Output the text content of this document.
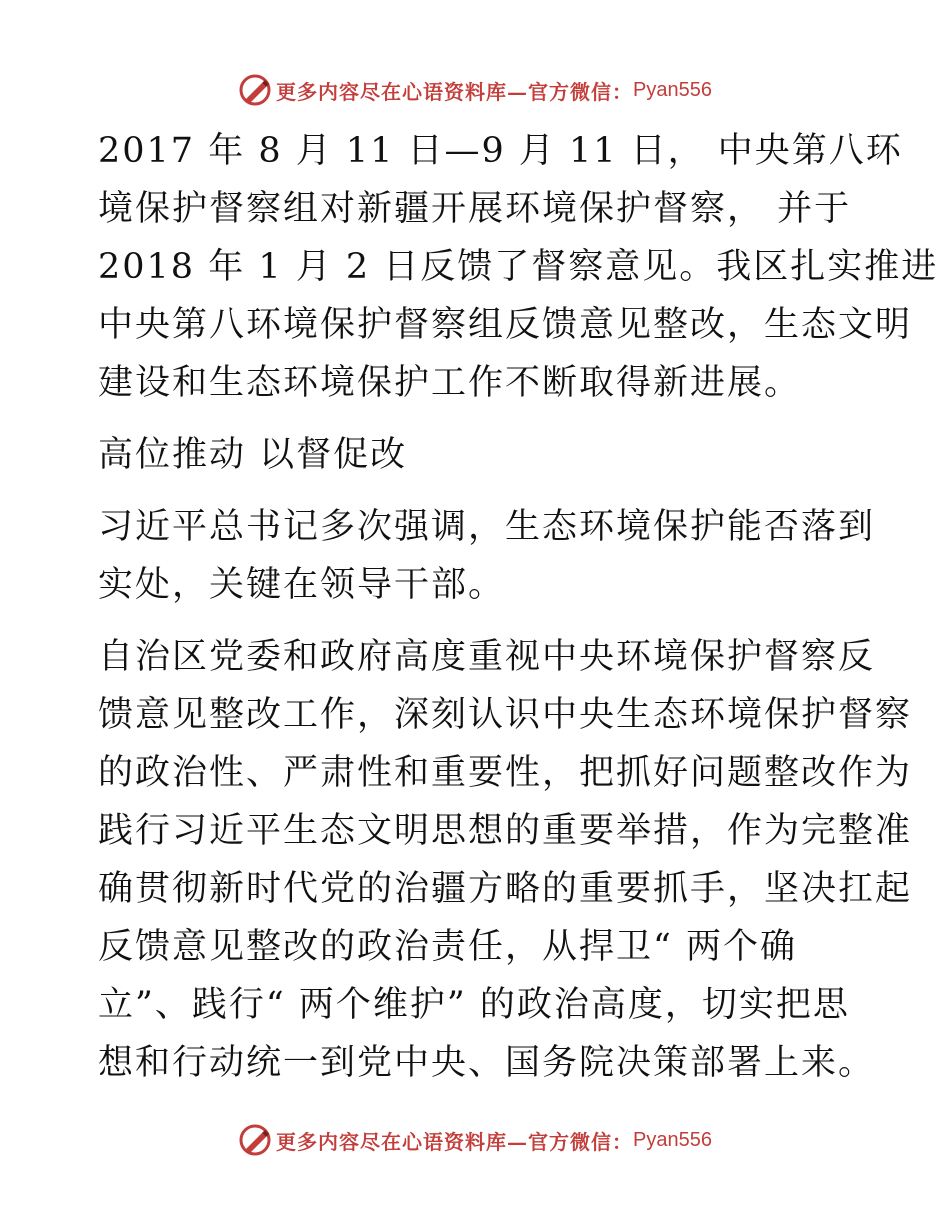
更多内容尽在心语资料库—官方微信： Pyan556
2017 年 8 月 11 日—9 月 11 日， 中央第八环
境保护督察组对新疆开展环境保护督察， 并于
2018 年 1 月 2 日反馈了督察意见。我区扎实推进
中央第八环境保护督察组反馈意见整改，生态文明
建设和生态环境保护工作不断取得新进展。
高位推动 以督促改
习近平总书记多次强调，生态环境保护能否落到
实处，关键在领导干部。
自治区党委和政府高度重视中央环境保护督察反
馈意见整改工作，深刻认识中央生态环境保护督察
的政治性、严肃性和重要性，把抓好问题整改作为
践行习近平生态文明思想的重要举措，作为完整准
确贯彻新时代党的治疆方略的重要抓手，坚决扛起
反馈意见整改的政治责任，从捍卫“ 两个确
立”、践行“ 两个维护” 的政治高度，切实把思
想和行动统一到党中央、国务院决策部署上来。
更多内容尽在心语资料库—官方微信： Pyan556
